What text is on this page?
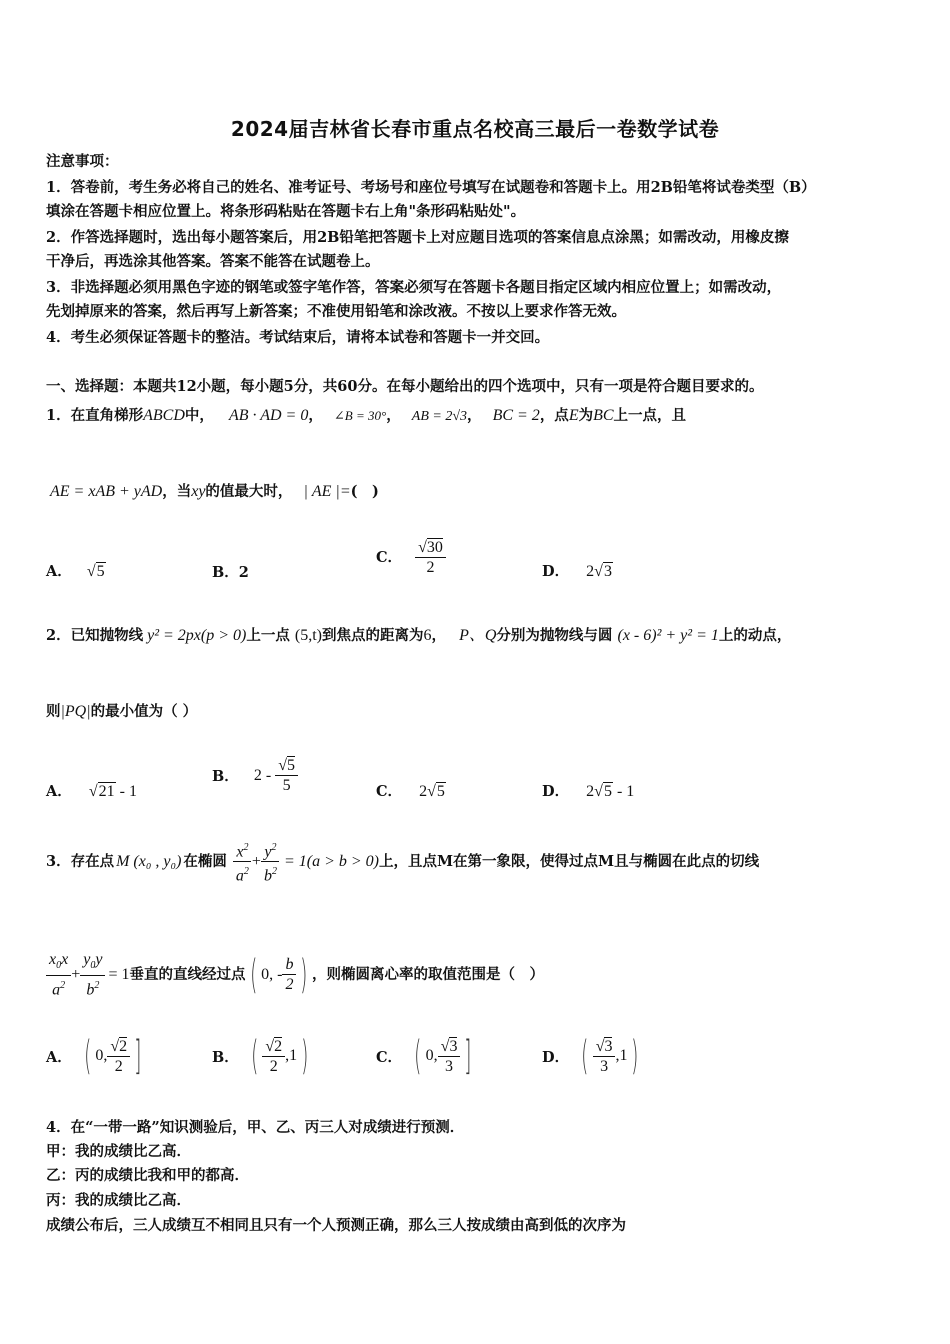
2024届吉林省长春市重点名校高三最后一卷数学试卷
注意事项：
1．答卷前，考生务必将自己的姓名、准考证号、考场号和座位号填写在试题卷和答题卡上。用2B铅笔将试卷类型（B）
填涂在答题卡相应位置上。将条形码粘贴在答题卡右上角"条形码粘贴处"。
2．作答选择题时，选出每小题答案后，用2B铅笔把答题卡上对应题目选项的答案信息点涂黑；如需改动，用橡皮擦
干净后，再选涂其他答案。答案不能答在试题卷上。
3．非选择题必须用黑色字迹的钢笔或签字笔作答，答案必须写在答题卡各题目指定区域内相应位置上；如需改动，
先划掉原来的答案，然后再写上新答案；不准使用铅笔和涂改液。不按以上要求作答无效。
4．考生必须保证答题卡的整洁。考试结束后，请将本试卷和答题卡一并交回。
一、选择题：本题共12小题，每小题5分，共60分。在每小题给出的四个选项中，只有一项是符合题目要求的。
1．在直角梯形ABCD中， AB · AD = 0， ∠B = 30°， AB = 2√3， BC = 2，点E为BC上一点，且
AE = xAB + yAD，当xy的值最大时， | AE |=(　)
A． √5	B．2
C． $\frac{√30}{2}$	D． 2√3
2．已知抛物线 y² = 2px(p > 0)上一点 (5,t)到焦点的距离为6， P、Q分别为抛物线与圆 (x - 6)² + y² = 1上的动点，
则|PQ|的最小值为（ ）
A． √21 - 1
B． $2 - \frac{√5}{5}$	C． 2√5	D． 2√5 - 1
3．存在点 M (x₀ , y₀) 在椭圆 $\frac{x^2}{a^2} + \frac{y^2}{b^2} = 1(a > b > 0)$ 上，且点M在第一象限，使得过点M且与椭圆在此点的切线
$\frac{x_0x}{a^2} + \frac{y_0y}{b^2} = 1$ 垂直的直线经过点 ( 0, - $\frac{b}{2}$ ) ，则椭圆离心率的取值范围是（　）
A． ( 0, $\frac{√2}{2}$ ]	B． ( $\frac{√2}{2} ,1$ )	C． ( 0, $\frac{√3}{3}$ ]	D． ( $\frac{√3}{3} ,1$ )
4．在“一带一路”知识测验后，甲、乙、丙三人对成绩进行预测．
甲：我的成绩比乙高．
乙：丙的成绩比我和甲的都高．
丙：我的成绩比乙高．
成绩公布后，三人成绩互不相同且只有一个人预测正确，那么三人按成绩由高到低的次序为
